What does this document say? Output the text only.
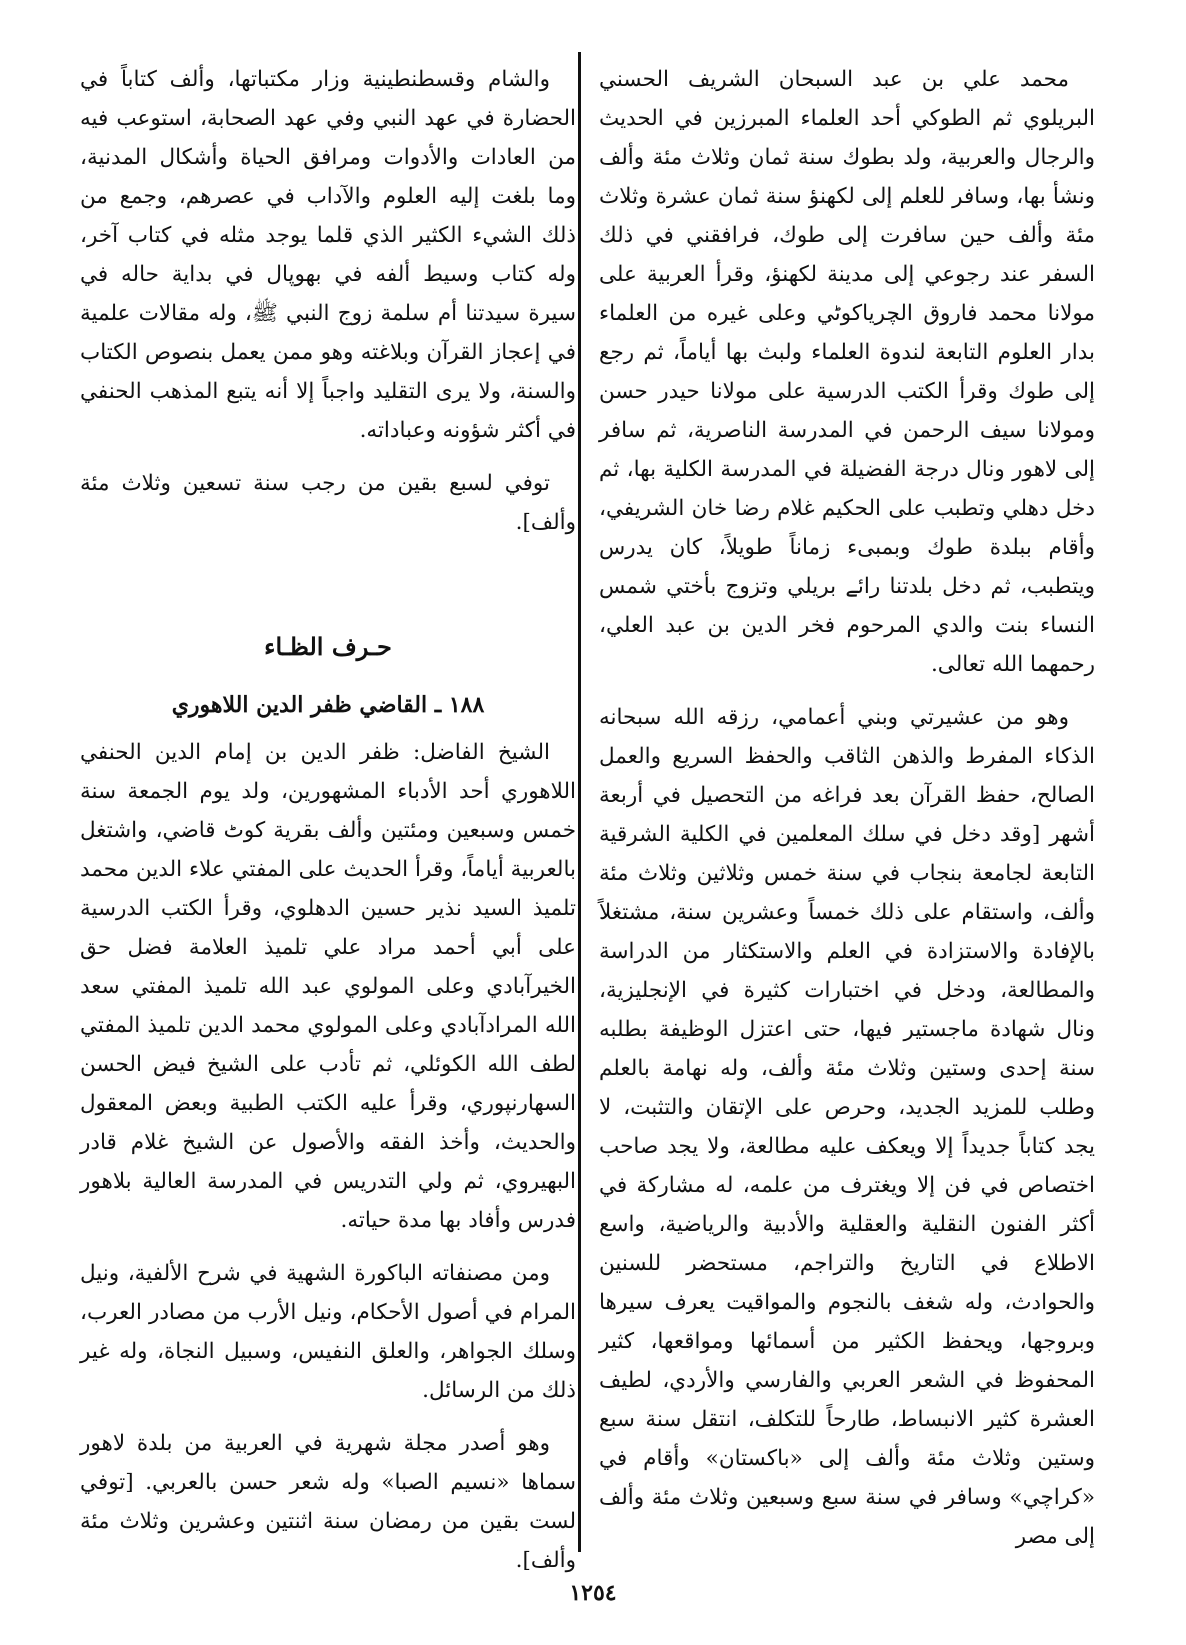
محمد علي بن عبد السبحان الشريف الحسني البريلوي ثم الطوكي أحد العلماء المبرزين في الحديث والرجال والعربية، ولد بطوك سنة ثمان وثلاث مئة وألف ونشأ بها، وسافر للعلم إلى لكهنؤ سنة ثمان عشرة وثلاث مئة وألف حين سافرت إلى طوك، فرافقني في ذلك السفر عند رجوعي إلى مدينة لكهنؤ، وقرأ العربية على مولانا محمد فاروق الچرياكوٹي وعلى غيره من العلماء بدار العلوم التابعة لندوة العلماء ولبث بها أياماً، ثم رجع إلى طوك وقرأ الكتب الدرسية على مولانا حيدر حسن ومولانا سيف الرحمن في المدرسة الناصرية، ثم سافر إلى لاهور ونال درجة الفضيلة في المدرسة الكلية بها، ثم دخل دهلي وتطبب على الحكيم غلام رضا خان الشريفي، وأقام ببلدة طوك وبمبىء زماناً طويلاً، كان يدرس ويتطبب، ثم دخل بلدتنا رائے بريلي وتزوج بأختي شمس النساء بنت والدي المرحوم فخر الدين بن عبد العلي، رحمهما الله تعالى.

وهو من عشيرتي وبني أعمامي، رزقه الله سبحانه الذكاء المفرط والذهن الثاقب والحفظ السريع والعمل الصالح، حفظ القرآن بعد فراغه من التحصيل في أربعة أشهر [وقد دخل في سلك المعلمين في الكلية الشرقية التابعة لجامعة بنجاب في سنة خمس وثلاثين وثلاث مئة وألف، واستقام على ذلك خمساً وعشرين سنة، مشتغلاً بالإفادة والاستزادة في العلم والاستكثار من الدراسة والمطالعة، ودخل في اختبارات كثيرة في الإنجليزية، ونال شهادة ماجستير فيها، حتى اعتزل الوظيفة بطلبه سنة إحدى وستين وثلاث مئة وألف، وله نهامة بالعلم وطلب للمزيد الجديد، وحرص على الإتقان والتثبت، لا يجد كتاباً جديداً إلا ويعكف عليه مطالعة، ولا يجد صاحب اختصاص في فن إلا ويغترف من علمه، له مشاركة في أكثر الفنون النقلية والعقلية والأدبية والرياضية، واسع الاطلاع في التاريخ والتراجم، مستحضر للسنين والحوادث، وله شغف بالنجوم والمواقيت يعرف سيرها وبروجها، ويحفظ الكثير من أسمائها ومواقعها، كثير المحفوظ في الشعر العربي والفارسي والأردي، لطيف العشرة كثير الانبساط، طارحاً للتكلف، انتقل سنة سبع وستين وثلاث مئة وألف إلى «باكستان» وأقام في «كراچي» وسافر في سنة سبع وسبعين وثلاث مئة وألف إلى مصر

والشام وقسطنطينية وزار مكتباتها، وألف كتاباً في الحضارة في عهد النبي وفي عهد الصحابة، استوعب فيه من العادات والأدوات ومرافق الحياة وأشكال المدنية، وما بلغت إليه العلوم والآداب في عصرهم، وجمع من ذلك الشيء الكثير الذي قلما يوجد مثله في كتاب آخر، وله كتاب وسيط ألفه في بهوپال في بداية حاله في سيرة سيدتنا أم سلمة زوج النبي ﷺ، وله مقالات علمية في إعجاز القرآن وبلاغته وهو ممن يعمل بنصوص الكتاب والسنة، ولا يرى التقليد واجباً إلا أنه يتبع المذهب الحنفي في أكثر شؤونه وعباداته.

توفي لسبع بقين من رجب سنة تسعين وثلاث مئة وألف].

حـرف الظـاء
١٨٨ ـ القاضي ظفر الدين اللاهوري

الشيخ الفاضل: ظفر الدين بن إمام الدين الحنفي اللاهوري أحد الأدباء المشهورين، ولد يوم الجمعة سنة خمس وسبعين ومئتين وألف بقرية كوٹ قاضي، واشتغل بالعربية أياماً، وقرأ الحديث على المفتي علاء الدين محمد تلميذ السيد نذير حسين الدهلوي، وقرأ الكتب الدرسية على أبي أحمد مراد علي تلميذ العلامة فضل حق الخيرآبادي وعلى المولوي عبد الله تلميذ المفتي سعد الله المرادآبادي وعلى المولوي محمد الدين تلميذ المفتي لطف الله الكوئلي، ثم تأدب على الشيخ فيض الحسن السهارنپوري، وقرأ عليه الكتب الطبية وبعض المعقول والحديث، وأخذ الفقه والأصول عن الشيخ غلام قادر البهيروي، ثم ولي التدريس في المدرسة العالية بلاهور فدرس وأفاد بها مدة حياته.

ومن مصنفاته الباكورة الشهية في شرح الألفية، ونيل المرام في أصول الأحكام، ونيل الأرب من مصادر العرب، وسلك الجواهر، والعلق النفيس، وسبيل النجاة، وله غير ذلك من الرسائل.

وهو أصدر مجلة شهرية في العربية من بلدة لاهور سماها «نسيم الصبا» وله شعر حسن بالعربي. [توفي لست بقين من رمضان سنة اثنتين وعشرين وثلاث مئة وألف].

١٢٥٤
